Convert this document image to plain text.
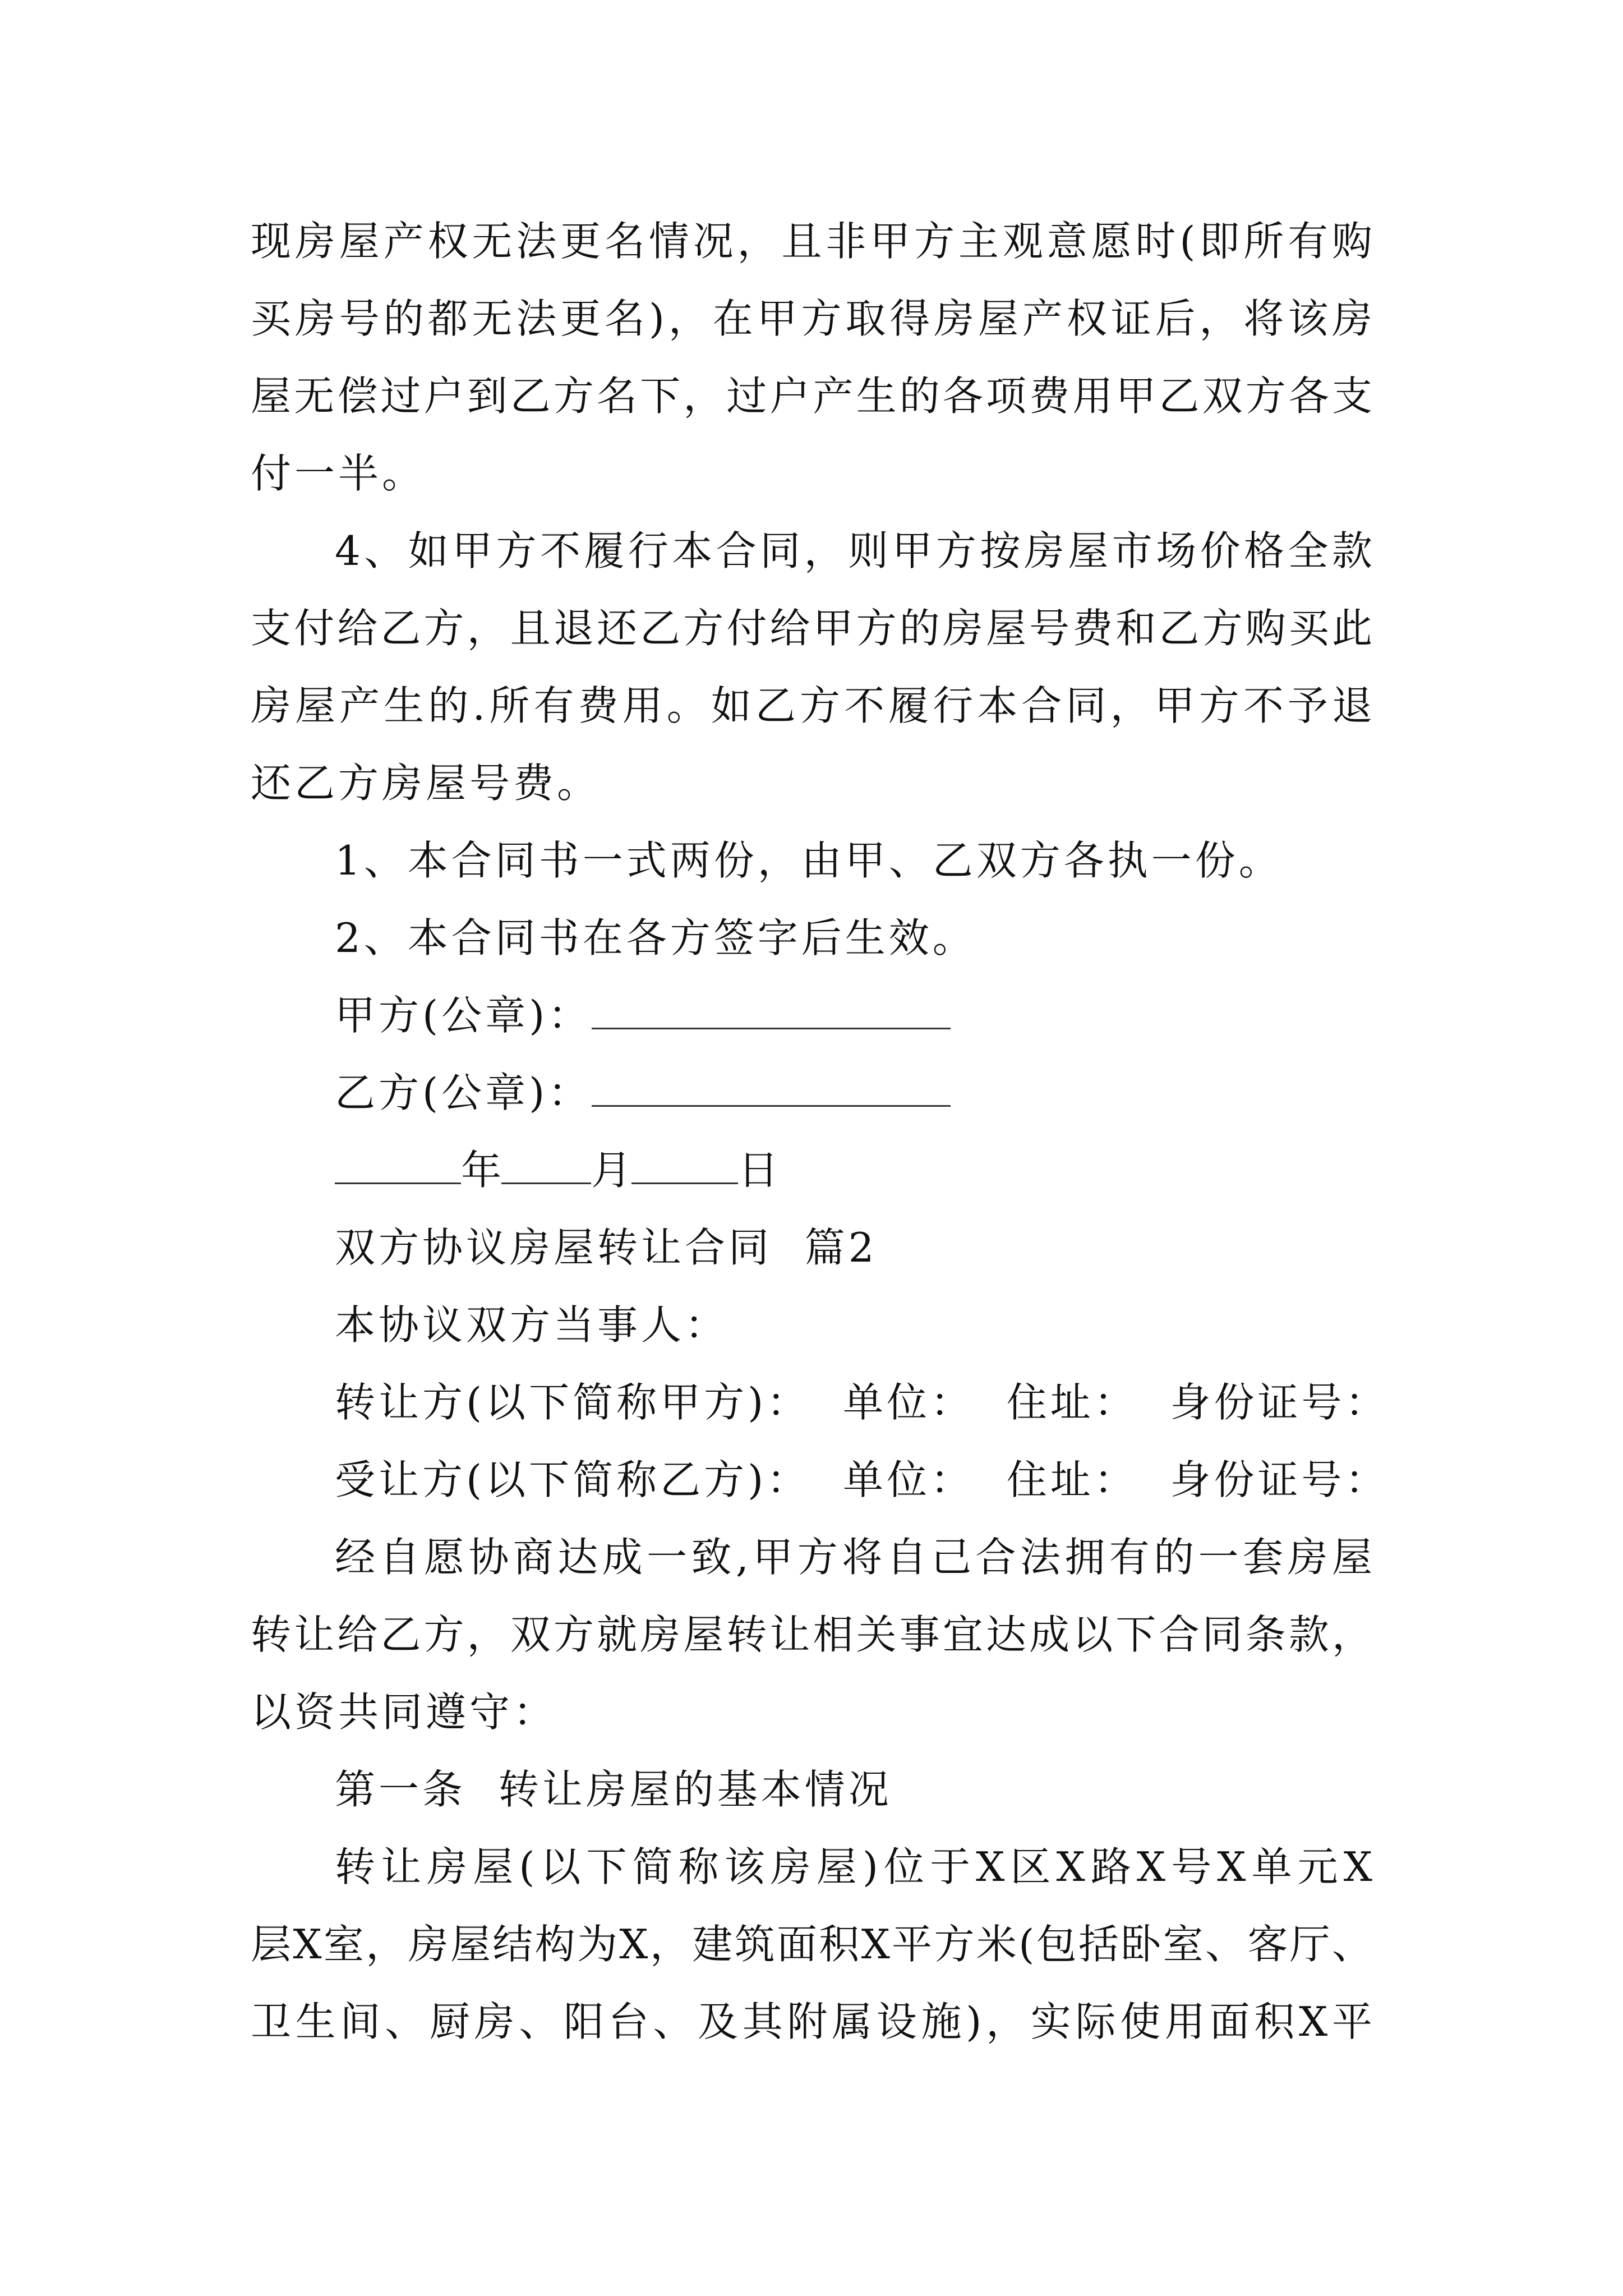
现房屋产权无法更名情况，且非甲方主观意愿时(即所有购
买房号的都无法更名)，在甲方取得房屋产权证后，将该房
屋无偿过户到乙方名下，过户产生的各项费用甲乙双方各支
付一半。
4、如甲方不履行本合同，则甲方按房屋市场价格全款
支付给乙方，且退还乙方付给甲方的房屋号费和乙方购买此
房屋产生的.所有费用。如乙方不履行本合同，甲方不予退
还乙方房屋号费。
1、本合同书一式两份，由甲、乙双方各执一份。
2、本合同书在各方签字后生效。
甲方(公章)：
乙方(公章)：
年 月	日
双方协议房屋转让合同  篇2
本协议双方当事人：
转让方(以下简称甲方)：  单位：  住址：  身份证号：
受让方(以下简称乙方)：  单位：  住址：  身份证号：
经自愿协商达成一致,甲方将自己合法拥有的一套房屋
转让给乙方，双方就房屋转让相关事宜达成以下合同条款，
以资共同遵守：
第一条  转让房屋的基本情况
转让房屋(以下简称该房屋)位于X区X路X号X单元X
层X室，房屋结构为X，建筑面积X平方米(包括卧室、客厅、
卫生间、厨房、阳台、及其附属设施)，实际使用面积X平
